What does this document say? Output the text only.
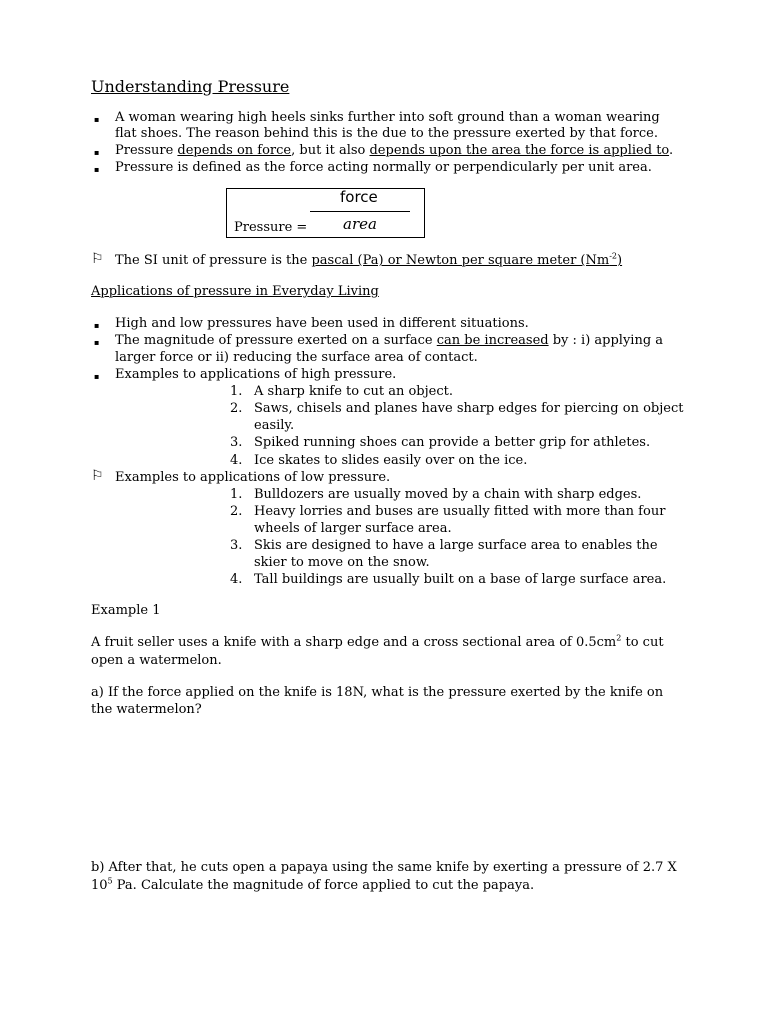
Understanding Pressure
▪ A woman wearing high heels sinks further into soft ground than a woman wearing
flat shoes. The reason behind this is the due to the pressure exerted by that force.
▪ Pressure depends on force, but it also depends upon the area the force is applied to.
▪ Pressure is defined as the force acting normally or perpendicularly per unit area.
force
area
Pressure =
⚐ The SI unit of pressure is the pascal (Pa) or Newton per square meter $(Nm^{-2})$
Applications of pressure in Everyday Living
▪ High and low pressures have been used in different situations.
▪ The magnitude of pressure exerted on a surface can be increased by : i) applying a
larger force or ii) reducing the surface area of contact.
▪ Examples to applications of high pressure.
1. A sharp knife to cut an object.
2. Saws, chisels and planes have sharp edges for piercing on object
easily.
3. Spiked running shoes can provide a better grip for athletes.
4. Ice skates to slides easily over on the ice.
⚐ Examples to applications of low pressure.
1. Bulldozers are usually moved by a chain with sharp edges.
2. Heavy lorries and buses are usually fitted with more than four
wheels of larger surface area.
3. Skis are designed to have a large surface area to enables the
skier to move on the snow.
4. Tall buildings are usually built on a base of large surface area.
Example 1
A fruit seller uses a knife with a sharp edge and a cross sectional area of $0.5cm^2$ to cut
open a watermelon.
a) If the force applied on the knife is 18N, what is the pressure exerted by the knife on
the watermelon?
b) After that, he cuts open a papaya using the same knife by exerting a pressure of 2.7 X
$10^5$ Pa. Calculate the magnitude of force applied to cut the papaya.
